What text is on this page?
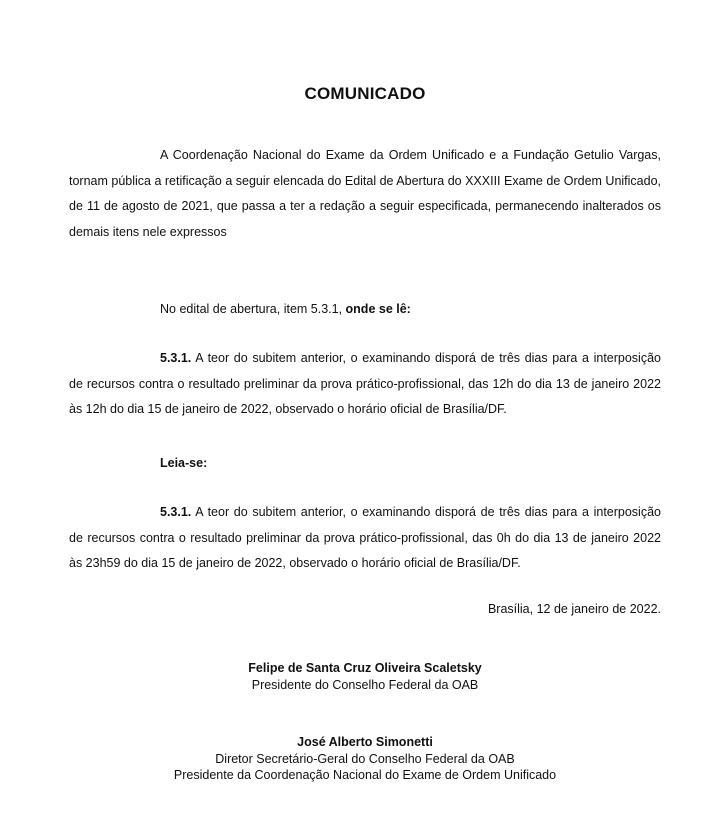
COMUNICADO
A Coordenação Nacional do Exame da Ordem Unificado e a Fundação Getulio Vargas, tornam pública a retificação a seguir elencada do Edital de Abertura do XXXIII Exame de Ordem Unificado, de 11 de agosto de 2021, que passa a ter a redação a seguir especificada, permanecendo inalterados os demais itens nele expressos
No edital de abertura, item 5.3.1, onde se lê:
5.3.1. A teor do subitem anterior, o examinando disporá de três dias para a interposição de recursos contra o resultado preliminar da prova prático-profissional, das 12h do dia 13 de janeiro 2022 às 12h do dia 15 de janeiro de 2022, observado o horário oficial de Brasília/DF.
Leia-se:
5.3.1. A teor do subitem anterior, o examinando disporá de três dias para a interposição de recursos contra o resultado preliminar da prova prático-profissional, das 0h do dia 13 de janeiro 2022 às 23h59 do dia 15 de janeiro de 2022, observado o horário oficial de Brasília/DF.
Brasília, 12 de janeiro de 2022.
Felipe de Santa Cruz Oliveira Scaletsky
Presidente do Conselho Federal da OAB
José Alberto Simonetti
Diretor Secretário-Geral do Conselho Federal da OAB
Presidente da Coordenação Nacional do Exame de Ordem Unificado
